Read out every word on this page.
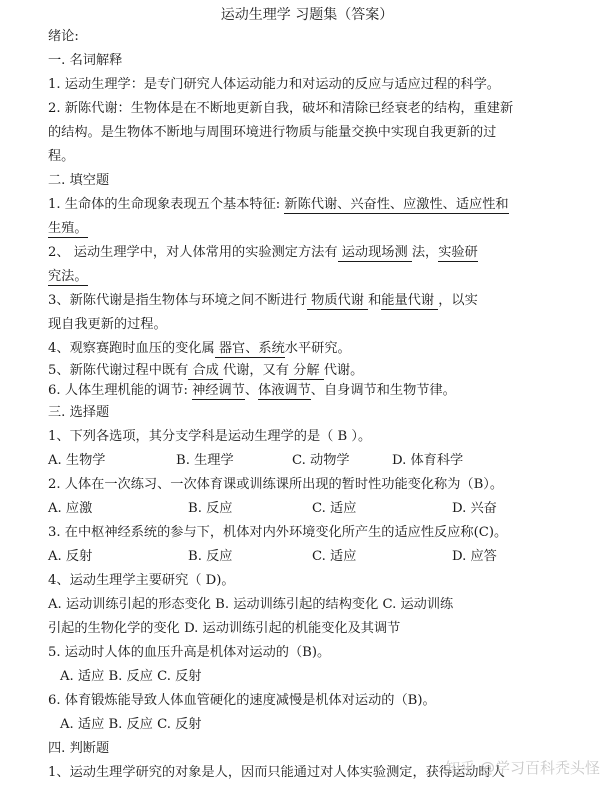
运动生理学 习题集（答案）
绪论:
一. 名词解释
1. 运动生理学：是专门研究人体运动能力和对运动的反应与适应过程的科学。
2. 新陈代谢：生物体是在不断地更新自我，破坏和清除已经衰老的结构，重建新
的结构。是生物体不断地与周围环境进行物质与能量交换中实现自我更新的过
程。
二. 填空题
1. 生命体的生命现象表现五个基本特征: 新陈代谢、兴奋性、应激性、适应性和
生殖。
2、 运动生理学中，对人体常用的实验测定方法有 运动现场测 法，实验研
究法。
3、新陈代谢是指生物体与环境之间不断进行 物质代谢 和能量代谢 ，以实
现自我更新的过程。
4、观察赛跑时血压的变化属 器官、系统水平研究。
5、新陈代谢过程中既有 合成 代谢，又有 分解 代谢。
6. 人体生理机能的调节: 神经调节、体液调节、自身调节和生物节律。
三. 选择题
1、下列各选项，其分支学科是运动生理学的是（ B ）。
A. 生物学	B. 生理学	C. 动物学	D. 体育科学
2. 人体在一次练习、一次体育课或训练课所出现的暂时性功能变化称为（B）。
A. 应激	B. 反应	C. 适应	D. 兴奋
3. 在中枢神经系统的参与下，机体对内外环境变化所产生的适应性反应称(C)。
A. 反射	B. 反应	C. 适应	D. 应答
4、运动生理学主要研究（ D)。
A. 运动训练引起的形态变化 B. 运动训练引起的结构变化 C. 运动训练
引起的生物化学的变化 D. 运动训练引起的机能变化及其调节
5. 运动时人体的血压升高是机体对运动的（B)。
A. 适应 B. 反应 C. 反射
6. 体育锻炼能导致人体血管硬化的速度减慢是机体对运动的（B)。
A. 适应 B. 反应 C. 反射
四. 判断题
1、运动生理学研究的对象是人，因而只能通过对人体实验测定，获得运动时人
知乎 @学习百科秃头怪
